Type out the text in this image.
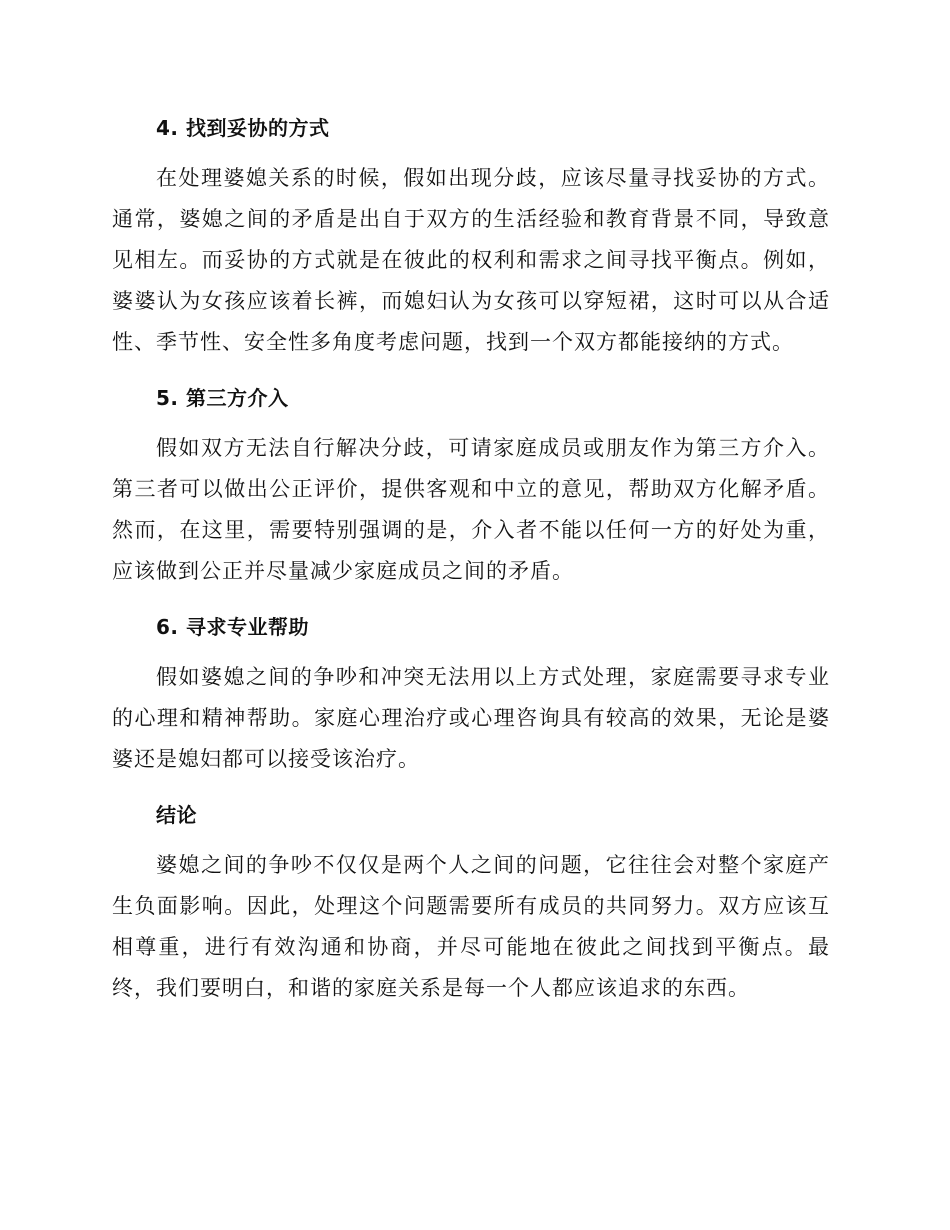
4. 找到妥协的方式

在处理婆媳关系的时候，假如出现分歧，应该尽量寻找妥协的方式。通常，婆媳之间的矛盾是出自于双方的生活经验和教育背景不同，导致意见相左。而妥协的方式就是在彼此的权利和需求之间寻找平衡点。例如，婆婆认为女孩应该着长裤，而媳妇认为女孩可以穿短裙，这时可以从合适性、季节性、安全性多角度考虑问题，找到一个双方都能接纳的方式。

5. 第三方介入

假如双方无法自行解决分歧，可请家庭成员或朋友作为第三方介入。第三者可以做出公正评价，提供客观和中立的意见，帮助双方化解矛盾。然而，在这里，需要特别强调的是，介入者不能以任何一方的好处为重，应该做到公正并尽量减少家庭成员之间的矛盾。

6. 寻求专业帮助

假如婆媳之间的争吵和冲突无法用以上方式处理，家庭需要寻求专业的心理和精神帮助。家庭心理治疗或心理咨询具有较高的效果，无论是婆婆还是媳妇都可以接受该治疗。

结论

婆媳之间的争吵不仅仅是两个人之间的问题，它往往会对整个家庭产生负面影响。因此，处理这个问题需要所有成员的共同努力。双方应该互相尊重，进行有效沟通和协商，并尽可能地在彼此之间找到平衡点。最终，我们要明白，和谐的家庭关系是每一个人都应该追求的东西。
